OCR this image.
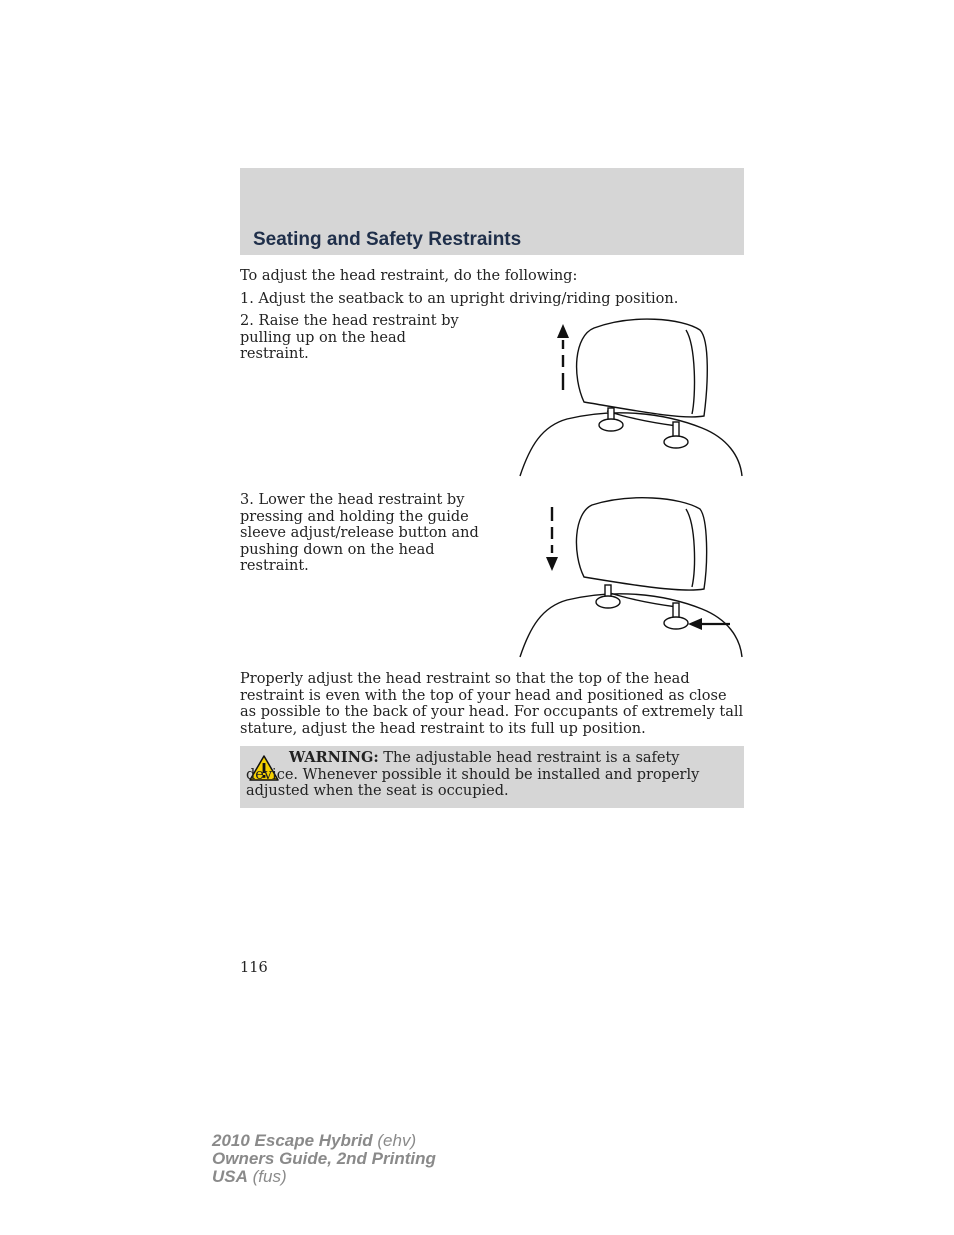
Seating and Safety Restraints

To adjust the head restraint, do the following:

1. Adjust the seatback to an upright driving/riding position.

2. Raise the head restraint by pulling up on the head restraint.

3. Lower the head restraint by pressing and holding the guide sleeve adjust/release button and pushing down on the head restraint.

Properly adjust the head restraint so that the top of the head restraint is even with the top of your head and positioned as close as possible to the back of your head. For occupants of extremely tall stature, adjust the head restraint to its full up position.

WARNING: The adjustable head restraint is a safety device. Whenever possible it should be installed and properly adjusted when the seat is occupied.

116

2010 Escape Hybrid (ehv)
Owners Guide, 2nd Printing
USA (fus)
